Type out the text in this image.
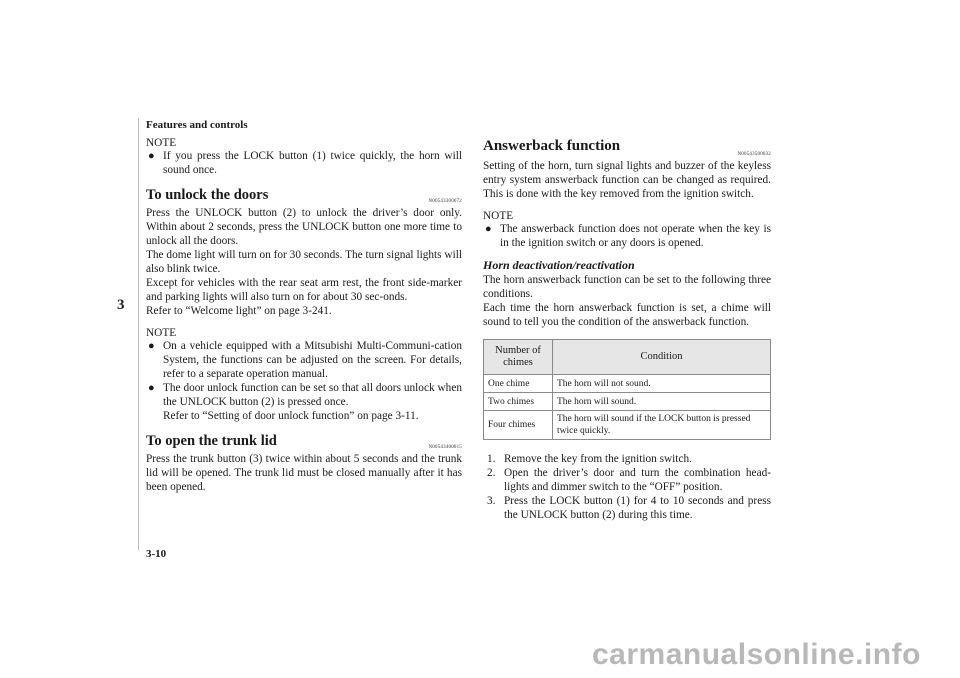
Features and controls
3
NOTE
● If you press the LOCK button (1) twice quickly, the horn will sound once.
To unlock the doors	N00543300072
Press the UNLOCK button (2) to unlock the driver’s door only. Within about 2 seconds, press the UNLOCK button one more time to unlock all the doors.
The dome light will turn on for 30 seconds. The turn signal lights will also blink twice.
Except for vehicles with the rear seat arm rest, the front side-marker and parking lights will also turn on for about 30 sec-onds.
Refer to “Welcome light” on page 3-241.
NOTE
● On a vehicle equipped with a Mitsubishi Multi-Communi-cation System, the functions can be adjusted on the screen. For details, refer to a separate operation manual.
● The door unlock function can be set so that all doors unlock when the UNLOCK button (2) is pressed once.
Refer to “Setting of door unlock function” on page 3-11.
To open the trunk lid	N00543400015
Press the trunk button (3) twice within about 5 seconds and the trunk lid will be opened. The trunk lid must be closed manually after it has been opened.
Answerback function
N00543500032
Setting of the horn, turn signal lights and buzzer of the keyless entry system answerback function can be changed as required. This is done with the key removed from the ignition switch.
NOTE
● The answerback function does not operate when the key is in the ignition switch or any doors is opened.
Horn deactivation/reactivation
The horn answerback function can be set to the following three conditions.
Each time the horn answerback function is set, a chime will sound to tell you the condition of the answerback function.
Number of chimes	Condition
One chime	The horn will not sound.
Two chimes	The horn will sound.
Four chimes	The horn will sound if the LOCK button is pressed twice quickly.
1. Remove the key from the ignition switch.
2. Open the driver’s door and turn the combination head-lights and dimmer switch to the “OFF” position.
3. Press the LOCK button (1) for 4 to 10 seconds and press the UNLOCK button (2) during this time.
3-10
carmanualsonline.info
